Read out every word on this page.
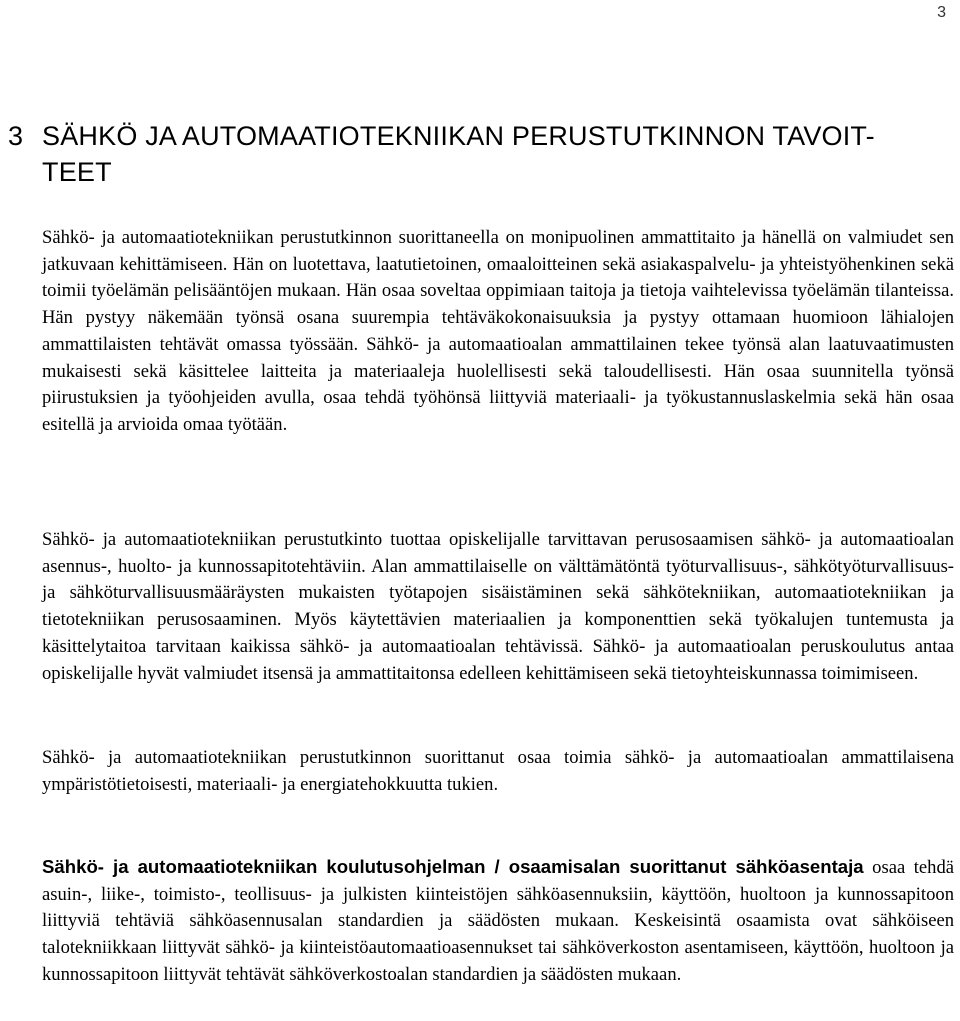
3
3 SÄHKÖ JA AUTOMAATIOTEKNIIKAN PERUSTUTKINNON TAVOIT-
TEET

Sähkö- ja automaatiotekniikan perustutkinnon suorittaneella on monipuolinen ammattitaito ja hänellä on valmiudet sen jatkuvaan kehittämiseen. Hän on luotettava, laatutietoinen, omaaloitteinen sekä asiakaspalvelu- ja yhteistyöhenkinen sekä toimii työelämän pelisääntöjen mukaan. Hän osaa soveltaa oppimiaan taitoja ja tietoja vaihtelevissa työelämän tilanteissa. Hän pystyy näkemään työnsä osana suurempia tehtäväkokonaisuuksia ja pystyy ottamaan huomioon lähialojen ammattilaisten tehtävät omassa työssään. Sähkö- ja automaatioalan ammattilainen tekee työnsä alan laatuvaatimusten mukaisesti sekä käsittelee laitteita ja materiaaleja huolellisesti sekä taloudellisesti. Hän osaa suunnitella työnsä piirustuksien ja työohjeiden avulla, osaa tehdä työhönsä liittyviä materiaali- ja työkustannuslaskelmia sekä hän osaa esitellä ja arvioida omaa työtään.

Sähkö- ja automaatiotekniikan perustutkinto tuottaa opiskelijalle tarvittavan perusosaamisen sähkö- ja automaatioalan asennus-, huolto- ja kunnossapitotehtäviin. Alan ammattilaiselle on välttämätöntä työturvallisuus-, sähkötyöturvallisuus- ja sähköturvallisuusmääräysten mukaisten työtapojen sisäistäminen sekä sähkötekniikan, automaatiotekniikan ja tietotekniikan perusosaaminen. Myös käytettävien materiaalien ja komponenttien sekä työkalujen tuntemusta ja käsittelytaitoa tarvitaan kaikissa sähkö- ja automaatioalan tehtävissä. Sähkö- ja automaatioalan peruskoulutus antaa opiskelijalle hyvät valmiudet itsensä ja ammattitaitonsa edelleen kehittämiseen sekä tietoyhteiskunnassa toimimiseen.

Sähkö- ja automaatiotekniikan perustutkinnon suorittanut osaa toimia sähkö- ja automaatioalan ammattilaisena ympäristötietoisesti, materiaali- ja energiatehokkuutta tukien.

Sähkö- ja automaatiotekniikan koulutusohjelman / osaamisalan suorittanut sähköasentaja osaa tehdä asuin-, liike-, toimisto-, teollisuus- ja julkisten kiinteistöjen sähköasennuksiin, käyttöön, huoltoon ja kunnossapitoon liittyviä tehtäviä sähköasennusalan standardien ja säädösten mukaan. Keskeisintä osaamista ovat sähköiseen talotekniikkaan liittyvät sähkö- ja kiinteistöautomaatioasennukset tai sähköverkoston asentamiseen, käyttöön, huoltoon ja kunnossapitoon liittyvät tehtävät sähköverkostoalan standardien ja säädösten mukaan.
